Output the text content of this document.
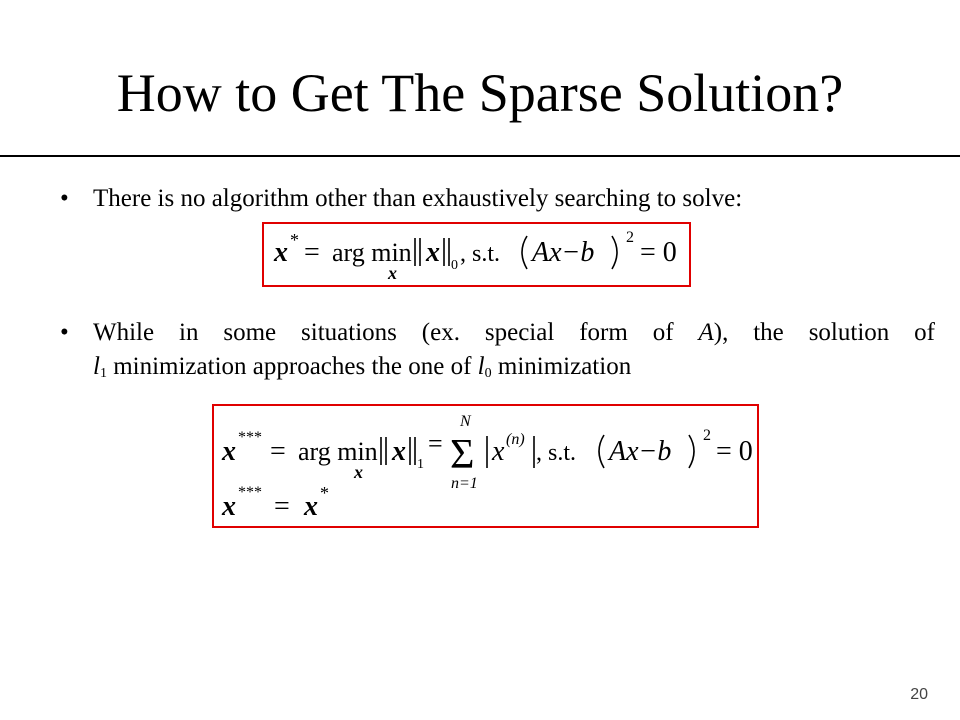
How to Get The Sparse Solution?
• There is no algorithm other than exhaustively searching to solve:
x * = arg min
x
x 0 , s.t. Ax−b 2 = 0
• While in some situations (ex. special form of A), the solution of
$l_1$ minimization approaches the one of $l_0$ minimization
x *** = arg min
x
x 1
=
N
Σ
n=1
x (n)
, s.t. Ax−b
2
= 0
x *** = x *
20
